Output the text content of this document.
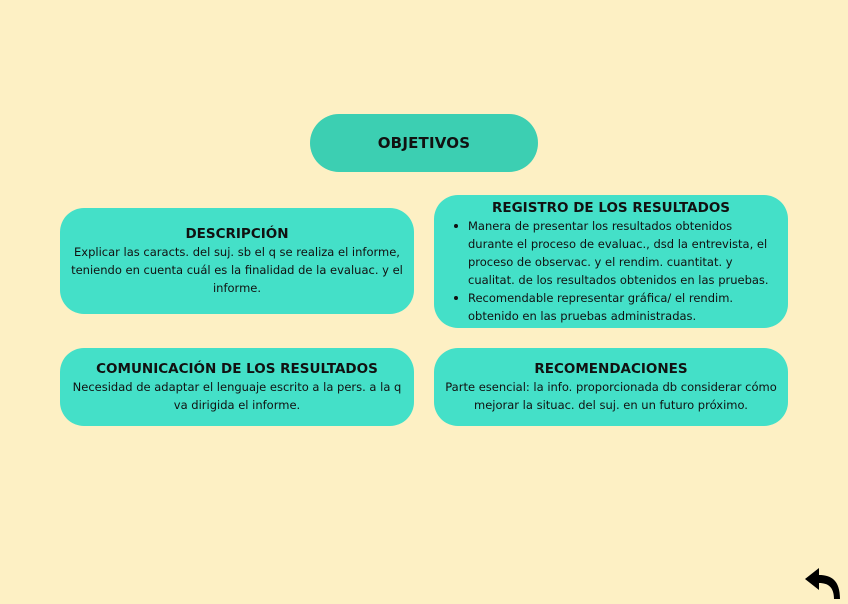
OBJETIVOS
DESCRIPCIÓN
Explicar las caracts. del suj. sb el q se realiza el informe, teniendo en cuenta cuál es la finalidad de la evaluac. y el informe.
REGISTRO DE LOS RESULTADOS
Manera de presentar los resultados obtenidos durante el proceso de evaluac., dsd la entrevista, el proceso de observac. y el rendim. cuantitat. y cualitat. de los resultados obtenidos en las pruebas.
Recomendable representar gráfica/ el rendim. obtenido en las pruebas administradas.
COMUNICACIÓN DE LOS RESULTADOS
Necesidad de adaptar el lenguaje escrito a la pers. a la q va dirigida el informe.
RECOMENDACIONES
Parte esencial: la info. proporcionada db considerar cómo mejorar la situac. del suj. en un futuro próximo.
